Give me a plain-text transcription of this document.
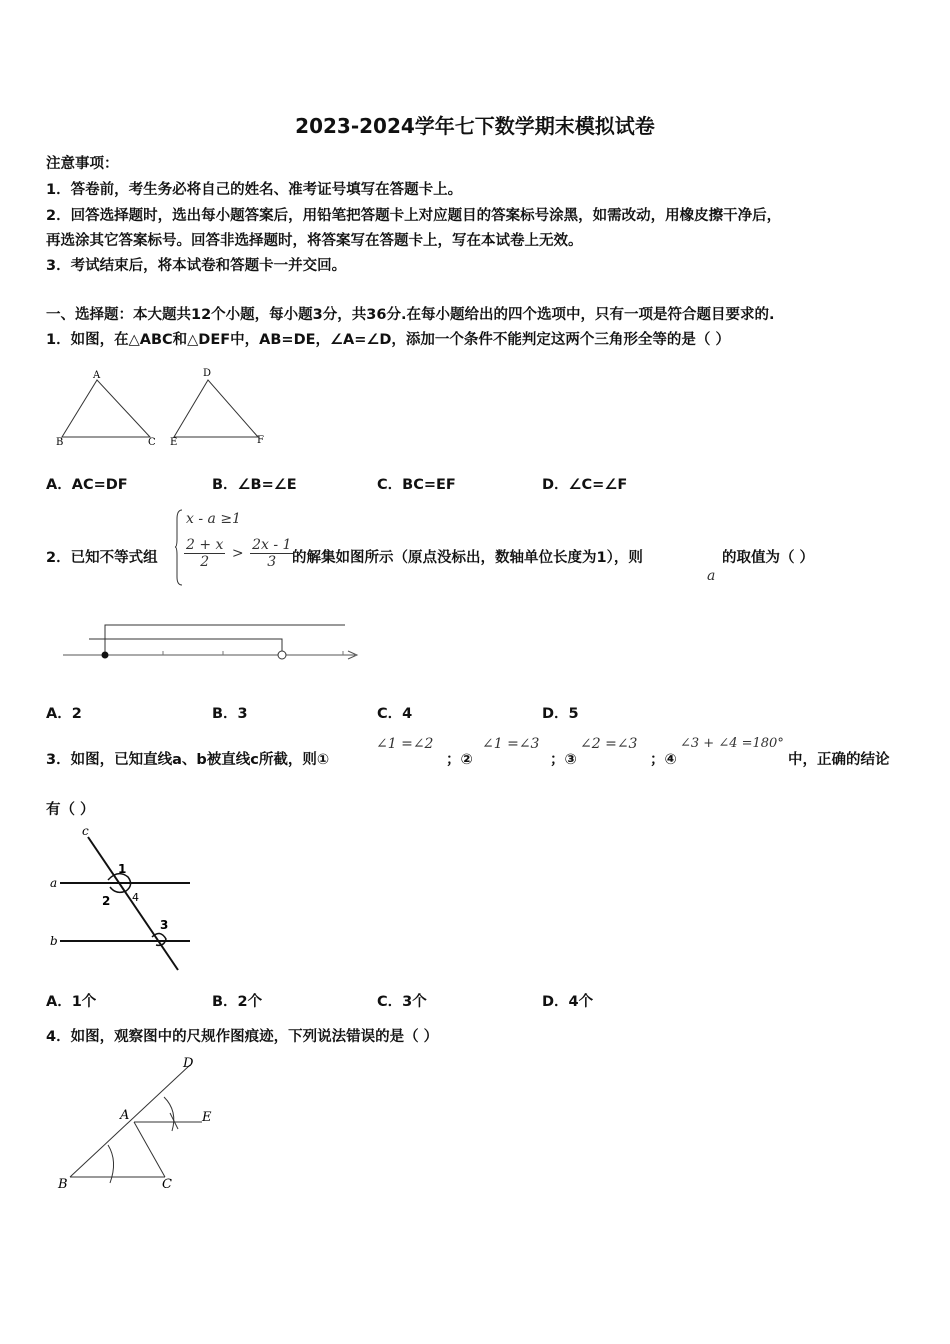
2023-2024学年七下数学期末模拟试卷
注意事项：
1．答卷前，考生务必将自己的姓名、准考证号填写在答题卡上。
2．回答选择题时，选出每小题答案后，用铅笔把答题卡上对应题目的答案标号涂黑，如需改动，用橡皮擦干净后，
再选涂其它答案标号。回答非选择题时，将答案写在答题卡上，写在本试卷上无效。
3．考试结束后，将本试卷和答题卡一并交回。
一、选择题：本大题共12个小题，每小题3分，共36分.在每小题给出的四个选项中，只有一项是符合题目要求的.
1．如图，在△ABC和△DEF中，AB=DE，∠A=∠D，添加一个条件不能判定这两个三角形全等的是（ ）
A
B	C
D
E	F
A．AC=DF	B．∠B=∠E	C．BC=EF	D．∠C=∠F
2．已知不等式组
x - a ≥1
$\frac{2 + x}{2} > \frac{2x - 1}{3}$
的解集如图所示（原点没标出，数轴单位长度为1），则
a
的取值为（ ）
A．2	B．3	C．4	D．5
3．如图，已知直线a、b被直线c所截，则①
∠1 =∠2
；②
∠1 =∠3
；③
∠2 =∠3
；④
∠3 + ∠4 =180°
中，正确的结论
有（ ）
c
a
b
1
2 4
3
A．1个	B．2个	C．3个	D．4个
4．如图，观察图中的尺规作图痕迹，下列说法错误的是（ ）
D
A	E
B	C
